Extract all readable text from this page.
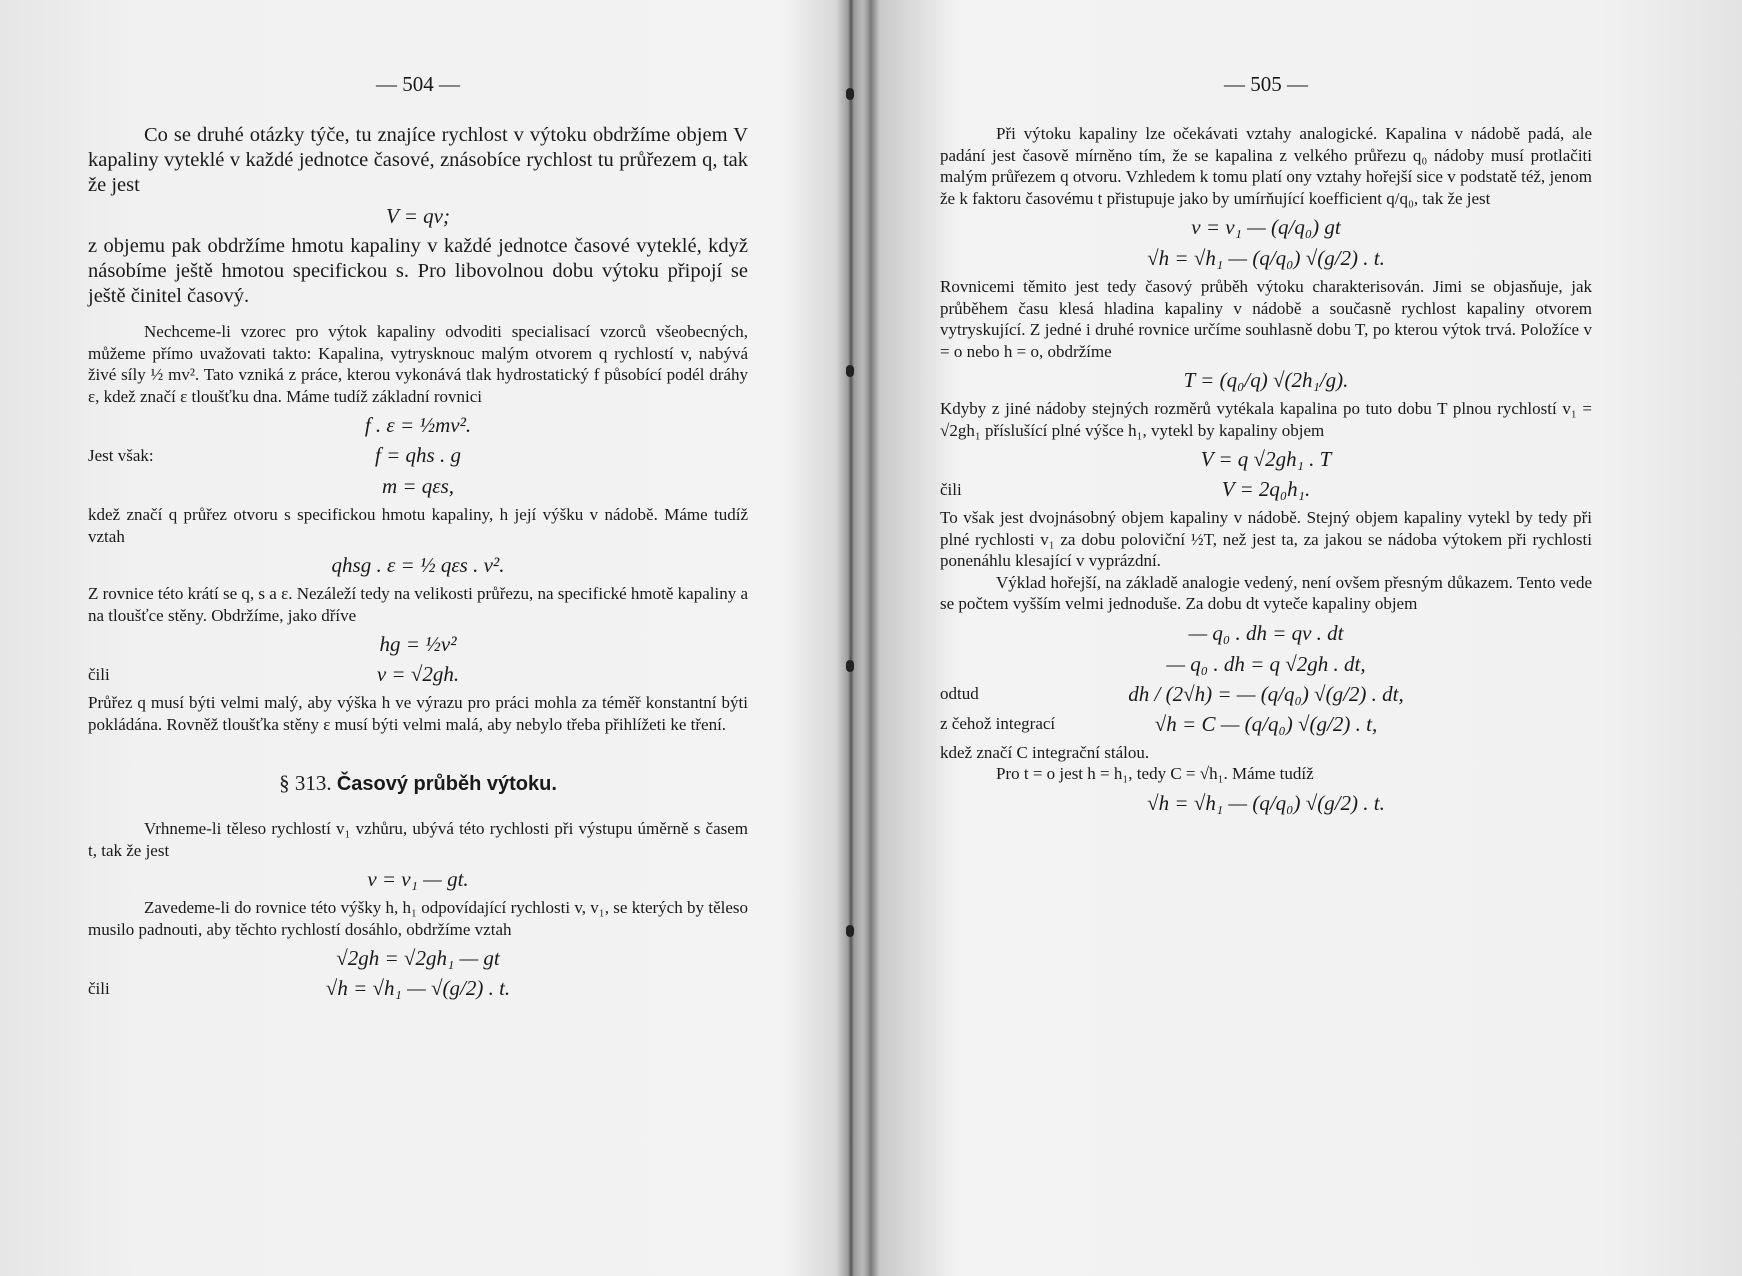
— 504 —

Co se druhé otázky týče, tu znajíce rychlost v výtoku obdržíme objem V kapaliny vyteklé v každé jednotce časové, znásobíce rychlost tu průřezem q, tak že jest

V = qv;

z objemu pak obdržíme hmotu kapaliny v každé jednotce časové vyteklé, když násobíme ještě hmotou specifickou s. Pro libovolnou dobu výtoku připojí se ještě činitel časový.

Nechceme-li vzorec pro výtok kapaliny odvoditi specialisací vzorců všeobecných, můžeme přímo uvažovati takto: Kapalina, vytrysknouc malým otvorem q rychlostí v, nabývá živé síly ½ mv². Tato vzniká z práce, kterou vykonává tlak hydrostatický f působící podél dráhy ε, kdež značí ε tloušťku dna. Máme tudíž základní rovnici

f . ε = ½mv².
Jest však:	f = qhs . g
m = qεs,

kdež značí q průřez otvoru s specifickou hmotu kapaliny, h její výšku v nádobě. Máme tudíž vztah

qhsg . ε = ½ qεs . v².

Z rovnice této krátí se q, s a ε. Nezáleží tedy na velikosti průřezu, na specifické hmotě kapaliny a na tloušťce stěny. Obdržíme, jako dříve

hg = ½v²
čili	v = √2gh.

Průřez q musí býti velmi malý, aby výška h ve výrazu pro práci mohla za téměř konstantní býti pokládána. Rovněž tloušťka stěny ε musí býti velmi malá, aby nebylo třeba přihlížeti ke tření.

§ 313. Časový průběh výtoku.

Vrhneme-li těleso rychlostí v₁ vzhůru, ubývá této rychlosti při výstupu úměrně s časem t, tak že jest

v = v₁ — gt.

Zavedeme-li do rovnice této výšky h, h₁ odpovídající rychlosti v, v₁, se kterých by těleso musilo padnouti, aby těchto rychlostí dosáhlo, obdržíme vztah

√2gh = √2gh₁ — gt
čili	√h = √h₁ — √(g/2) . t.
— 505 —

Při výtoku kapaliny lze očekávati vztahy analogické. Kapalina v nádobě padá, ale padání jest časově mírněno tím, že se kapalina z velkého průřezu q₀ nádoby musí protlačiti malým průřezem q otvoru. Vzhledem k tomu platí ony vztahy hořejší sice v podstatě též, jenom že k faktoru časovému t přistupuje jako by umírňující koefficient q/q₀, tak že jest

v = v₁ — (q/q₀) gt
√h = √h₁ — (q/q₀) √(g/2) . t.

Rovnicemi těmito jest tedy časový průběh výtoku charakterisován. Jimi se objasňuje, jak průběhem času klesá hladina kapaliny v nádobě a současně rychlost kapaliny otvorem vytryskující. Z jedné i druhé rovnice určíme souhlasně dobu T, po kterou výtok trvá. Položíce v = o nebo h = o, obdržíme

T = (q₀/q) √(2h₁/g).

Kdyby z jiné nádoby stejných rozměrů vytékala kapalina po tuto dobu T plnou rychlostí v₁ = √2gh₁ příslušící plné výšce h₁, vytekl by kapaliny objem

V = q √2gh₁ . T
čili	V = 2q₀h₁.

To však jest dvojnásobný objem kapaliny v nádobě. Stejný objem kapaliny vytekl by tedy při plné rychlosti v₁ za dobu poloviční ½T, než jest ta, za jakou se nádoba výtokem při rychlosti ponenáhlu klesající v vyprázdní.

Výklad hořejší, na základě analogie vedený, není ovšem přesným důkazem. Tento vede se počtem vyšším velmi jednoduše. Za dobu dt vyteče kapaliny objem

— q₀ . dh = qv . dt
— q₀ . dh = q √2gh . dt,
odtud	dh / (2√h) = — (q/q₀) √(g/2) . dt,
z čehož integrací	√h = C — (q/q₀) √(g/2) . t,

kdež značí C integrační stálou.

Pro t = o jest h = h₁, tedy C = √h₁. Máme tudíž

√h = √h₁ — (q/q₀) √(g/2) . t.
